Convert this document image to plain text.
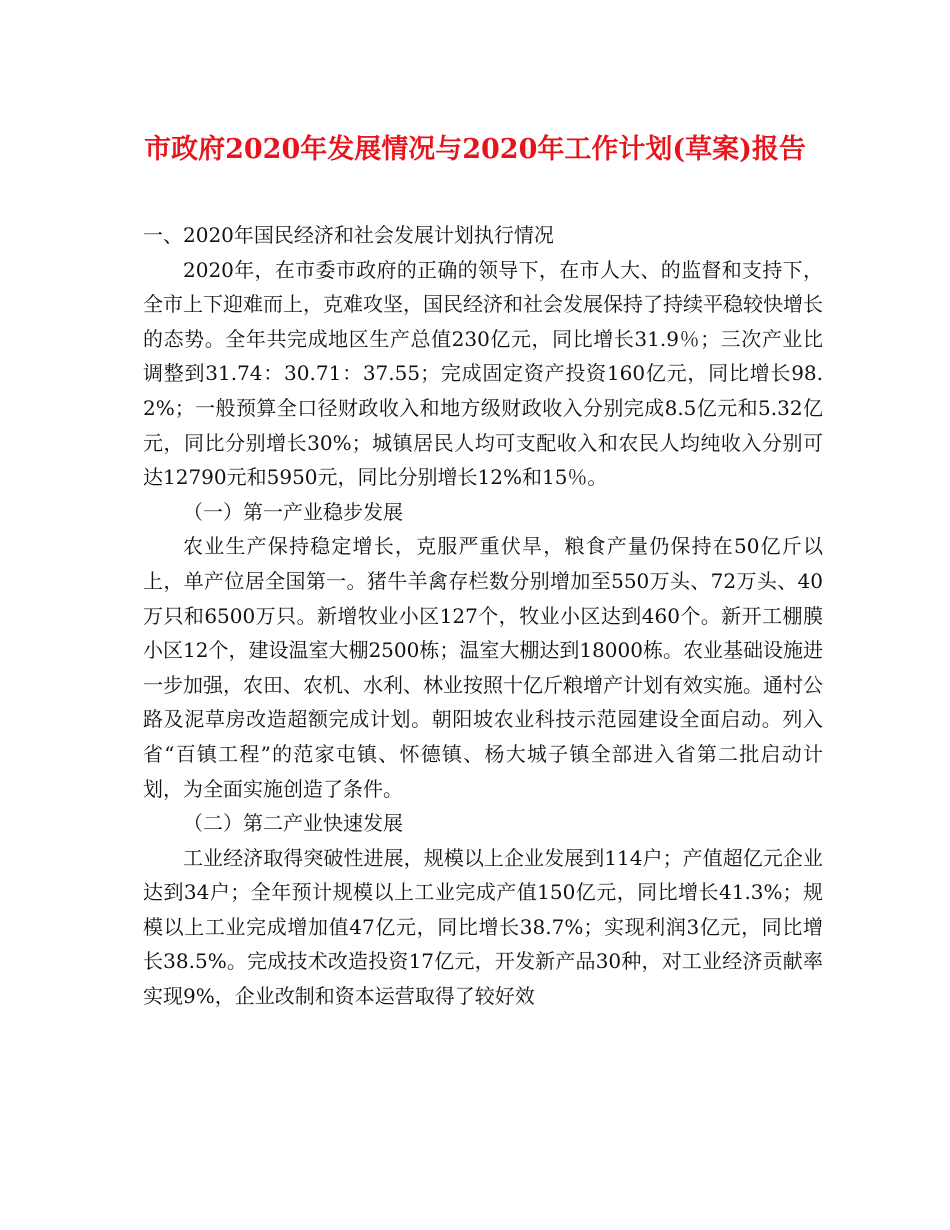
市政府2020年发展情况与2020年工作计划(草案)报告

一、2020年国民经济和社会发展计划执行情况

2020年，在市委市政府的正确的领导下，在市人大、的监督和支持下，全市上下迎难而上，克难攻坚，国民经济和社会发展保持了持续平稳较快增长的态势。全年共完成地区生产总值230亿元，同比增长31.9％；三次产业比调整到31.74：30.71：37.55；完成固定资产投资160亿元，同比增长98.2%；一般预算全口径财政收入和地方级财政收入分别完成8.5亿元和5.32亿元，同比分别增长30%；城镇居民人均可支配收入和农民人均纯收入分别可达12790元和5950元，同比分别增长12%和15％。

（一）第一产业稳步发展

农业生产保持稳定增长，克服严重伏旱，粮食产量仍保持在50亿斤以上，单产位居全国第一。猪牛羊禽存栏数分别增加至550万头、72万头、40万只和6500万只。新增牧业小区127个，牧业小区达到460个。新开工棚膜小区12个，建设温室大棚2500栋；温室大棚达到18000栋。农业基础设施进一步加强，农田、农机、水利、林业按照十亿斤粮增产计划有效实施。通村公路及泥草房改造超额完成计划。朝阳坡农业科技示范园建设全面启动。列入省“百镇工程”的范家屯镇、怀德镇、杨大城子镇全部进入省第二批启动计划，为全面实施创造了条件。

（二）第二产业快速发展

工业经济取得突破性进展，规模以上企业发展到114户；产值超亿元企业达到34户；全年预计规模以上工业完成产值150亿元，同比增长41.3%；规模以上工业完成增加值47亿元，同比增长38.7%；实现利润3亿元，同比增长38.5%。完成技术改造投资17亿元，开发新产品30种，对工业经济贡献率实现9%，企业改制和资本运营取得了较好效
